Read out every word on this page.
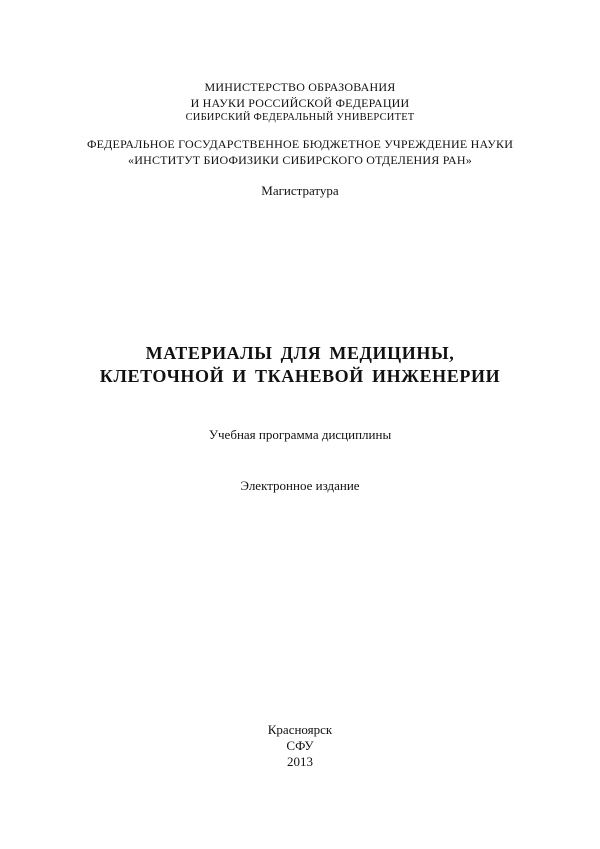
МИНИСТЕРСТВО ОБРАЗОВАНИЯ
И НАУКИ РОССИЙСКОЙ ФЕДЕРАЦИИ
СИБИРСКИЙ ФЕДЕРАЛЬНЫЙ УНИВЕРСИТЕТ
ФЕДЕРАЛЬНОЕ ГОСУДАРСТВЕННОЕ БЮДЖЕТНОЕ УЧРЕЖДЕНИЕ НАУКИ
«ИНСТИТУТ БИОФИЗИКИ СИБИРСКОГО ОТДЕЛЕНИЯ РАН»
Магистратура
МАТЕРИАЛЫ ДЛЯ МЕДИЦИНЫ,
КЛЕТОЧНОЙ И ТКАНЕВОЙ ИНЖЕНЕРИИ
Учебная программа дисциплины
Электронное издание
Красноярск
СФУ
2013
